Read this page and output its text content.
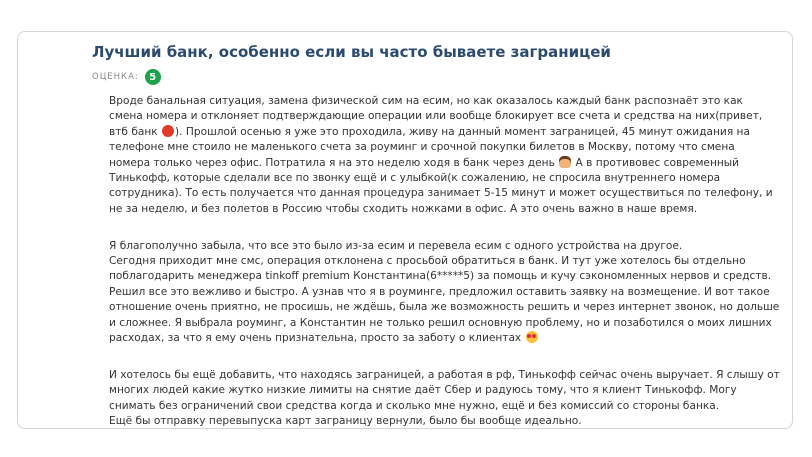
Лучший банк, особенно если вы часто бываете заграницей
ОЦЕНКА:	5

Вроде банальная ситуация, замена физической сим на есим, но как оказалось каждый банк распознаёт это как
смена номера и отклоняет подтверждающие операции или вообще блокирует все счета и средства на них(привет,
втб банк ). Прошлой осенью я уже это проходила, живу на данный момент заграницей, 45 минут ожидания на
телефоне мне стоило не маленького счета за роуминг и срочной покупки билетов в Москву, потому что смена
номера только через офис. Потратила я на это неделю ходя в банк через день  А в противовес современный
Тинькофф, которые сделали все по звонку ещё и с улыбкой(к сожалению, не спросила внутреннего номера
сотрудника). То есть получается что данная процедура занимает 5-15 минут и может осуществиться по телефону, и
не за неделю, и без полетов в Россию чтобы сходить ножками в офис. А это очень важно в наше время.

Я благополучно забыла, что все это было из-за есим и перевела есим с одного устройства на другое.
Сегодня приходит мне смс, операция отклонена с просьбой обратиться в банк. И тут уже хотелось бы отдельно
поблагодарить менеджера tinkoff premium Константина(6*****5) за помощь и кучу сэкономленных нервов и средств.
Решил все это вежливо и быстро. А узнав что я в роуминге, предложил оставить заявку на возмещение. И вот такое
отношение очень приятно, не просишь, не ждёшь, была же возможность решить и через интернет звонок, но дольше
и сложнее. Я выбрала роуминг, а Константин не только решил основную проблему, но и позаботился о моих лишних
расходах, за что я ему очень признательна, просто за заботу о клиентах

И хотелось бы ещё добавить, что находясь заграницей, а работая в рф, Тинькофф сейчас очень выручает. Я слышу от
многих людей какие жутко низкие лимиты на снятие даёт Сбер и радуюсь тому, что я клиент Тинькофф. Могу
снимать без ограничений свои средства когда и сколько мне нужно, ещё и без комиссий со стороны банка.
Ещё бы отправку перевыпуска карт заграницу вернули, было бы вообще идеально.
